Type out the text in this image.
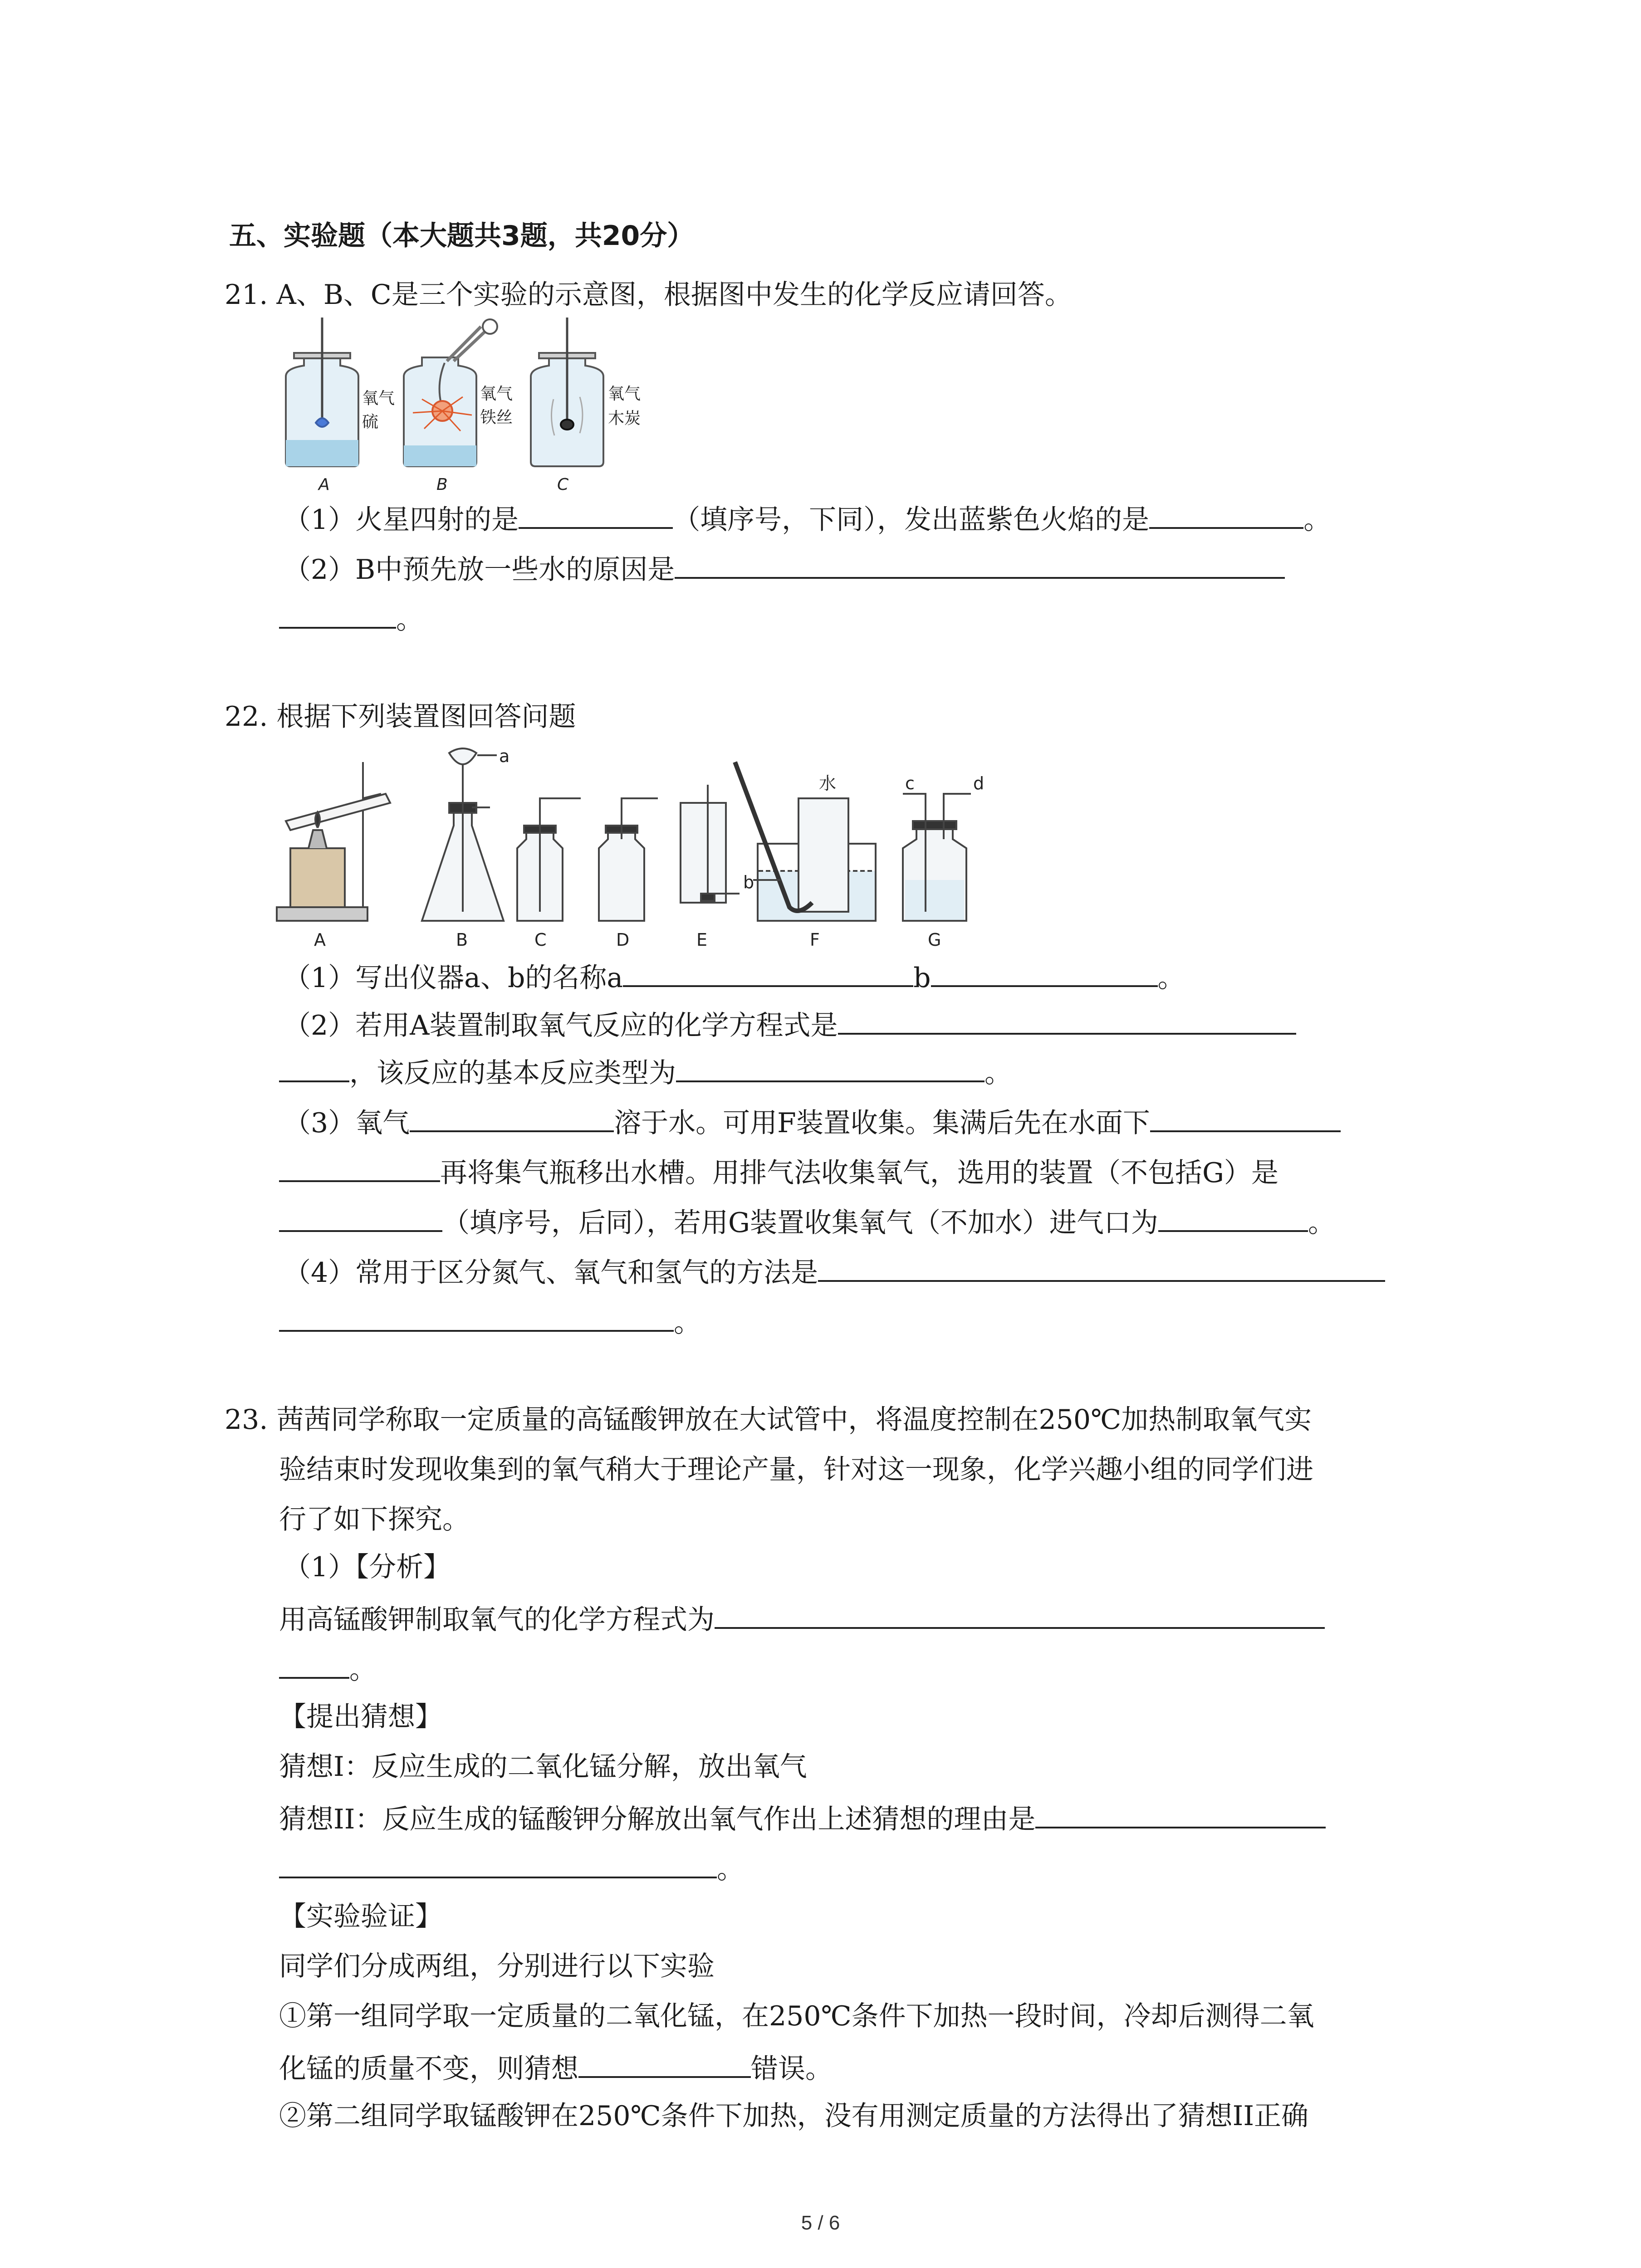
五、实验题（本大题共3题，共20分）
21. A、B、C是三个实验的示意图，根据图中发生的化学反应请回答。
氧气
硫
氧气
铁丝
氧气
木炭
A	B	C
（1）火星四射的是	（填序号，下同），发出蓝紫色火焰的是	。
（2）B中预先放一些水的原因是
。
22. 根据下列装置图回答问题
a
b
c	d
水
A	B	C	D	E	F	G
（1）写出仪器a、b的名称a	b	。
（2）若用A装置制取氧气反应的化学方程式是
，该反应的基本反应类型为	。
（3）氧气	溶于水。可用F装置收集。集满后先在水面下
再将集气瓶移出水槽。用排气法收集氧气，选用的装置（不包括G）是
（填序号，后同），若用G装置收集氧气（不加水）进气口为	。
（4）常用于区分氮气、氧气和氢气的方法是
。
23. 茜茜同学称取一定质量的高锰酸钾放在大试管中，将温度控制在250℃加热制取氧气实
验结束时发现收集到的氧气稍大于理论产量，针对这一现象，化学兴趣小组的同学们进
行了如下探究。
（1）【分析】
用高锰酸钾制取氧气的化学方程式为
。
【提出猜想】
猜想I：反应生成的二氧化锰分解，放出氧气
猜想II：反应生成的锰酸钾分解放出氧气作出上述猜想的理由是
。
【实验验证】
同学们分成两组，分别进行以下实验
①第一组同学取一定质量的二氧化锰，在250℃条件下加热一段时间，冷却后测得二氧
化锰的质量不变，则猜想	错误。
②第二组同学取锰酸钾在250℃条件下加热，没有用测定质量的方法得出了猜想II正确
5 / 6
